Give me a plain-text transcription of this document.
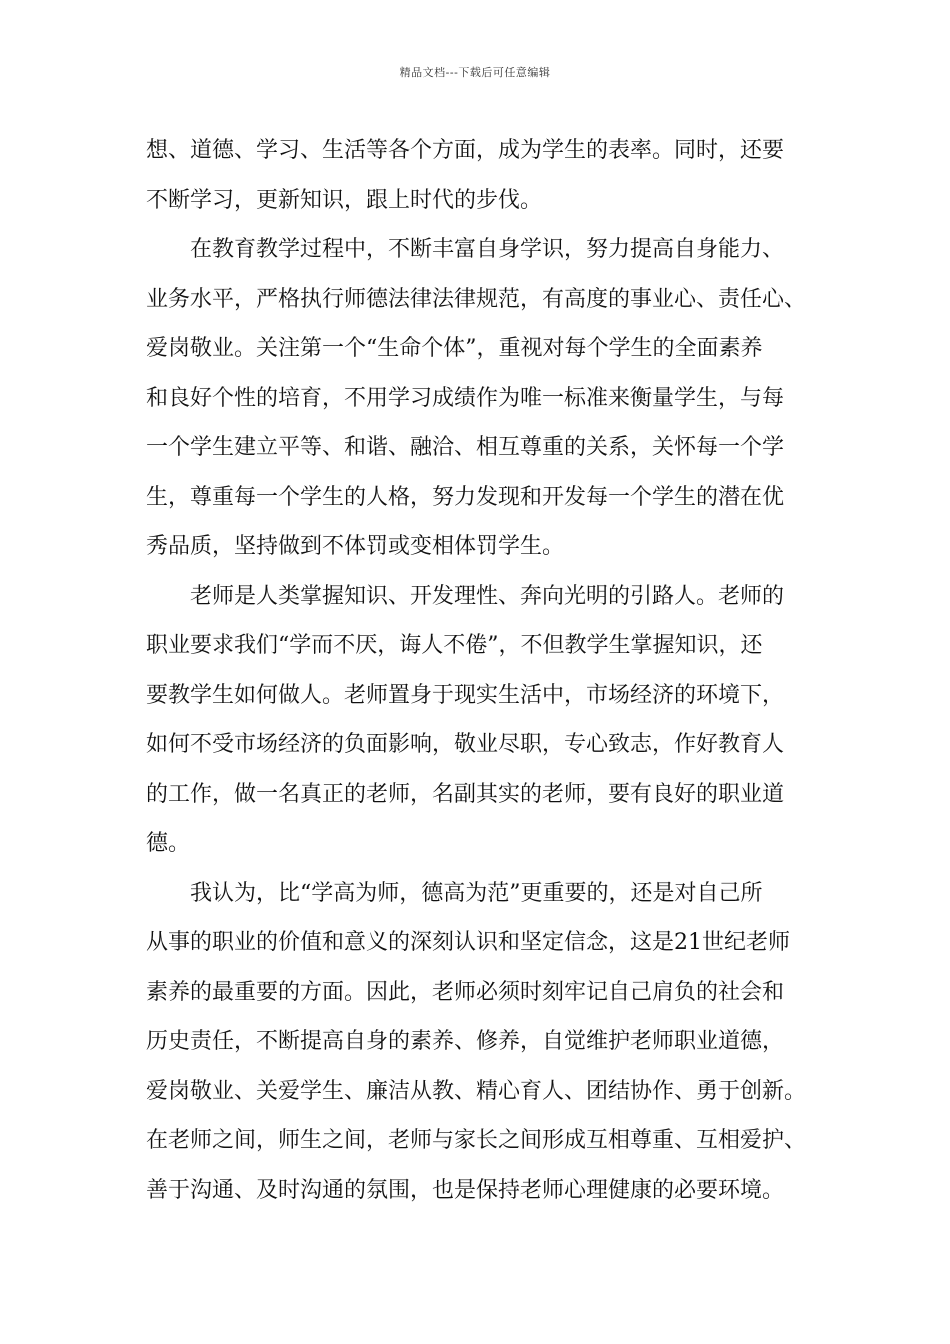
精品文档---下载后可任意编辑
想、道德、学习、生活等各个方面，成为学生的表率。同时，还要
不断学习，更新知识，跟上时代的步伐。
在教育教学过程中，不断丰富自身学识，努力提高自身能力、
业务水平，严格执行师德法律法律规范，有高度的事业心、责任心、
爱岗敬业。关注第一个“生命个体”，重视对每个学生的全面素养
和良好个性的培育，不用学习成绩作为唯一标准来衡量学生，与每
一个学生建立平等、和谐、融洽、相互尊重的关系，关怀每一个学
生，尊重每一个学生的人格，努力发现和开发每一个学生的潜在优
秀品质，坚持做到不体罚或变相体罚学生。
老师是人类掌握知识、开发理性、奔向光明的引路人。老师的
职业要求我们“学而不厌，诲人不倦”，不但教学生掌握知识，还
要教学生如何做人。老师置身于现实生活中，市场经济的环境下，
如何不受市场经济的负面影响，敬业尽职，专心致志，作好教育人
的工作，做一名真正的老师，名副其实的老师，要有良好的职业道
德。
我认为，比“学高为师，德高为范”更重要的，还是对自己所
从事的职业的价值和意义的深刻认识和坚定信念，这是21世纪老师
素养的最重要的方面。因此，老师必须时刻牢记自己肩负的社会和
历史责任，不断提高自身的素养、修养，自觉维护老师职业道德，
爱岗敬业、关爱学生、廉洁从教、精心育人、团结协作、勇于创新。
在老师之间，师生之间，老师与家长之间形成互相尊重、互相爱护、
善于沟通、及时沟通的氛围，也是保持老师心理健康的必要环境。
